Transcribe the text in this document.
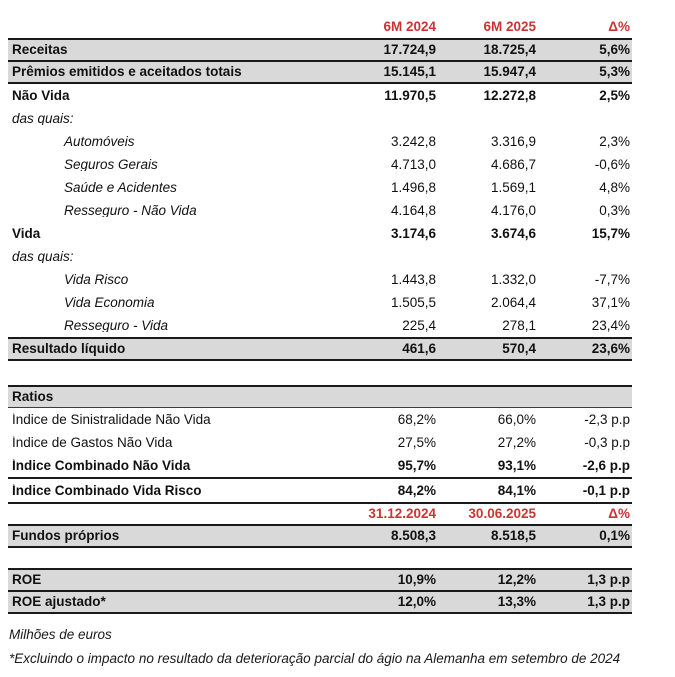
6M 2024	6M 2025	Δ%
Receitas	17.724,9	18.725,4	5,6%
Prêmios emitidos e aceitados totais	15.145,1	15.947,4	5,3%
Não Vida	11.970,5	12.272,8	2,5%
das quais:
Automóveis	3.242,8	3.316,9	2,3%
Seguros Gerais	4.713,0	4.686,7	-0,6%
Saúde e Acidentes	1.496,8	1.569,1	4,8%
Resseguro - Não Vida	4.164,8	4.176,0	0,3%
Vida	3.174,6	3.674,6	15,7%
das quais:
Vida Risco	1.443,8	1.332,0	-7,7%
Vida Economia	1.505,5	2.064,4	37,1%
Resseguro - Vida	225,4	278,1	23,4%
Resultado líquido	461,6	570,4	23,6%
Ratios
Índice de Sinistralidade Não Vida	68,2%	66,0%	-2,3 p.p
Índice de Gastos Não Vida	27,5%	27,2%	-0,3 p.p
Índice Combinado Não Vida	95,7%	93,1%	-2,6 p.p
Índice Combinado Vida Risco	84,2%	84,1%	-0,1 p.p
31.12.2024	30.06.2025	Δ%
Fundos próprios	8.508,3	8.518,5	0,1%
ROE	10,9%	12,2%	1,3 p.p
ROE ajustado*	12,0%	13,3%	1,3 p.p
Milhões de euros
*Excluindo o impacto no resultado da deterioração parcial do ágio na Alemanha em setembro de 2024
